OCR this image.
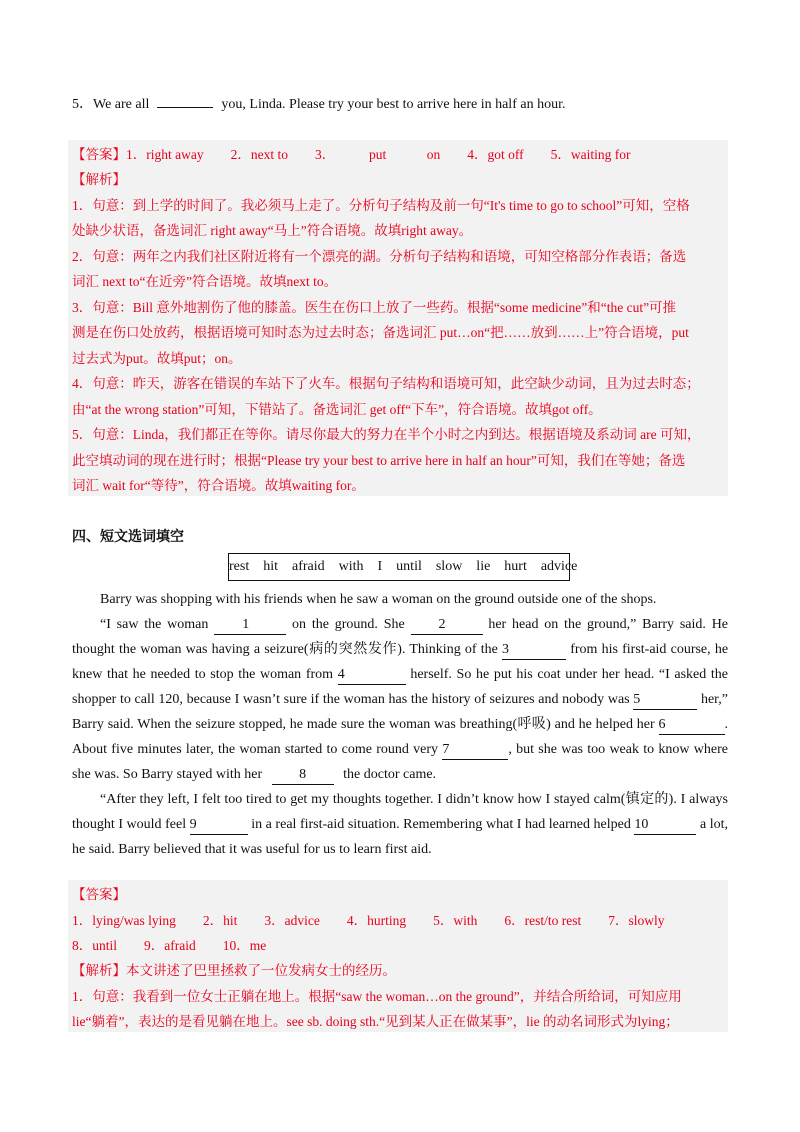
5．We are all	you, Linda. Please try your best to arrive here in half an hour.
【答案】1．right away　　2．next to　　3．　　　put　　　on　　4．got off　　5．waiting for
【解析】
1．句意：到上学的时间了。我必须马上走了。分析句子结构及前一句“It's time to go to school”可知，空格
处缺少状语，备选词汇 right away“马上”符合语境。故填right away。
2．句意：两年之内我们社区附近将有一个漂亮的湖。分析句子结构和语境，可知空格部分作表语；备选
词汇 next to“在近旁”符合语境。故填next to。
3．句意：Bill 意外地割伤了他的膝盖。医生在伤口上放了一些药。根据“some medicine”和“the cut”可推
测是在伤口处放药，根据语境可知时态为过去时态；备选词汇 put…on“把……放到……上”符合语境，put
过去式为put。故填put；on。
4．句意：昨天，游客在错误的车站下了火车。根据句子结构和语境可知，此空缺少动词，且为过去时态；
由“at the wrong station”可知，下错站了。备选词汇 get off“下车”，符合语境。故填got off。
5．句意：Linda，我们都正在等你。请尽你最大的努力在半个小时之内到达。根据语境及系动词 are 可知，
此空填动词的现在进行时；根据“Please try your best to arrive here in half an hour”可知，我们在等她；备选
词汇 wait for“等待”，符合语境。故填waiting for。
四、短文选词填空
rest　hit　afraid　with　I　until　slow　lie　hurt　advice
Barry was shopping with his friends when he saw a woman on the ground outside one of the shops.
“I saw the woman 1	on the ground. She 2	her head on the ground,” Barry said. He
thought the woman was having a seizure(病的突然发作). Thinking of the 3	from his first-aid course, he
knew that he needed to stop the woman from 4	herself. So he put his coat under her head. “I asked the
shopper to call 120, because I wasn’t sure if the woman has the history of seizures and nobody was 5	her,”
Barry said. When the seizure stopped, he made sure the woman was breathing(呼吸) and he helped her 6	.
About five minutes later, the woman started to come round very 7	, but she was too weak to know where
she was. So Barry stayed with her	8	the doctor came.
“After they left, I felt too tired to get my thoughts together. I didn’t know how I stayed calm(镇定的). I always
thought I would feel 9	in a real first-aid situation. Remembering what I had learned helped 10	a lot,
he said. Barry believed that it was useful for us to learn first aid.
【答案】
1．lying/was lying　　2．hit　　3．advice　　4．hurting　　5．with　　6．rest/to rest　　7．slowly
8．until　　9．afraid　　10．me
【解析】本文讲述了巴里拯救了一位发病女士的经历。
1．句意：我看到一位女士正躺在地上。根据“saw the woman…on the ground”，并结合所给词，可知应用
lie“躺着”，表达的是看见躺在地上。see sb. doing sth.“见到某人正在做某事”，lie 的动名词形式为lying；
